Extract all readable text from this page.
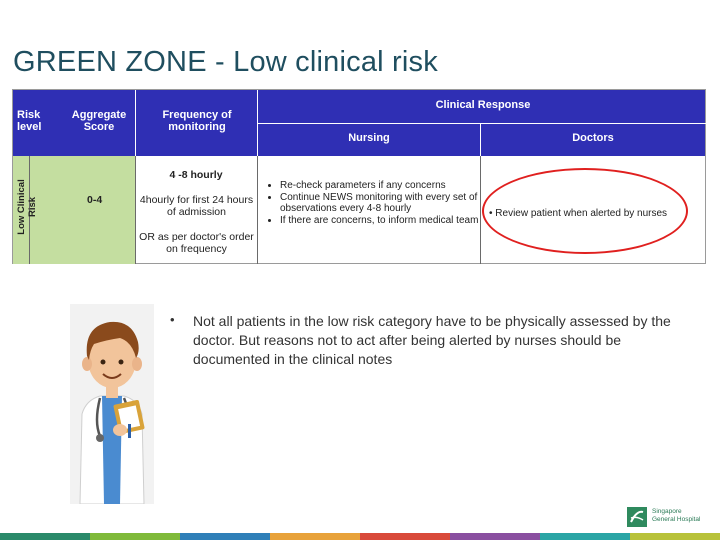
GREEN ZONE - Low clinical risk
Risk level
Aggregate Score
Frequency of monitoring
Clinical Response
Nursing	Doctors
Low Clinical Risk	0-4
4 -8 hourly
4hourly for first 24 hours of admission
OR as per doctor's order on frequency
• Re-check parameters if any concerns
• Continue NEWS monitoring with every set of observations every 4-8 hourly
• If there are concerns, to inform medical team
• Review patient when alerted by nurses
• Not all patients in the low risk category have to be physically assessed by the doctor. But reasons not to act after being alerted by nurses should be documented in the clinical notes
Singapore
General Hospital
